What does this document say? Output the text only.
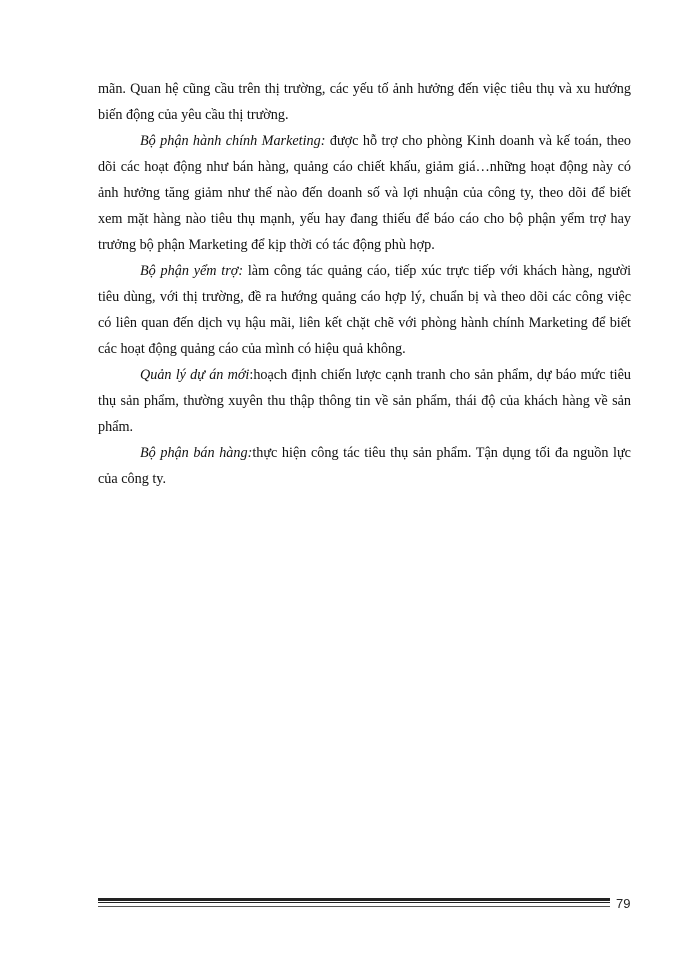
mãn. Quan hệ cũng cầu trên thị trường, các yếu tố ảnh hưởng đến việc tiêu thụ và xu hướng biến động của yêu cầu thị trường.

Bộ phận hành chính Marketing: được hỗ trợ cho phòng Kinh doanh và kế toán, theo dõi các hoạt động như bán hàng, quảng cáo chiết khấu, giảm giá…những hoạt động này có ảnh hưởng tăng giảm như thế nào đến doanh số và lợi nhuận của công ty, theo dõi để biết xem mặt hàng nào tiêu thụ mạnh, yếu hay đang thiếu để báo cáo cho bộ phận yểm trợ hay trưởng bộ phận Marketing để kịp thời có tác động phù hợp.

Bộ phận yểm trợ: làm công tác quảng cáo, tiếp xúc trực tiếp với khách hàng, người tiêu dùng, với thị trường, đề ra hướng quảng cáo hợp lý, chuẩn bị và theo dõi các công việc có liên quan đến dịch vụ hậu mãi, liên kết chặt chẽ với phòng hành chính Marketing để biết các hoạt động quảng cáo của mình có hiệu quả không.

Quản lý dự án mới:hoạch định chiến lược cạnh tranh cho sản phẩm, dự báo mức tiêu thụ sản phẩm, thường xuyên thu thập thông tin về sản phẩm, thái độ của khách hàng về sản phẩm.

Bộ phận bán hàng:thực hiện công tác tiêu thụ sản phẩm. Tận dụng tối đa nguồn lực của công ty.

79
